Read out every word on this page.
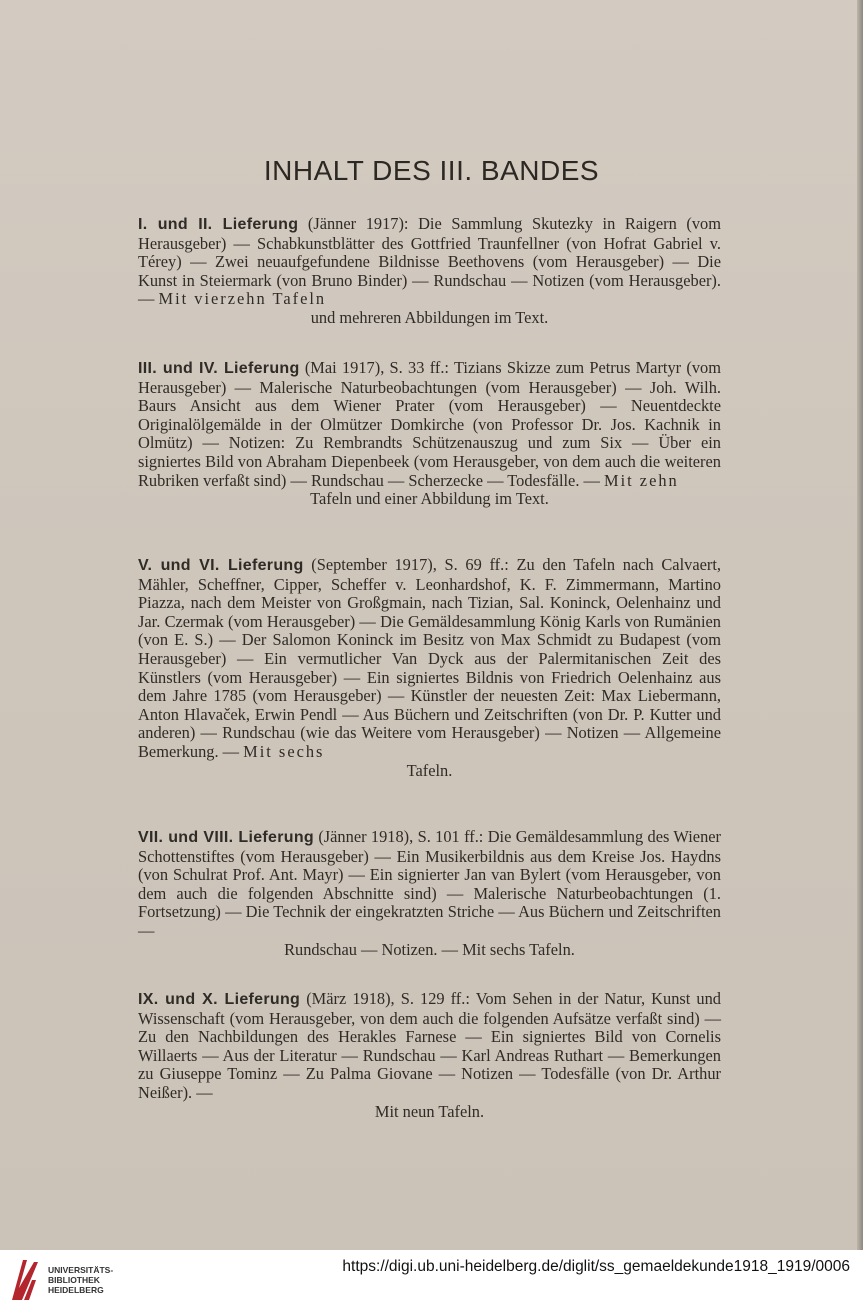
INHALT DES III. BANDES
I. und II. Lieferung (Jänner 1917): Die Sammlung Skutezky in Raigern (vom Herausgeber) — Schabkunstblätter des Gottfried Traunfellner (von Hofrat Gabriel v. Térey) — Zwei neuaufgefundene Bildnisse Beethovens (vom Herausgeber) — Die Kunst in Steiermark (von Bruno Binder) — Rundschau — Notizen (vom Herausgeber). — Mit vierzehn Tafeln
und mehreren Abbildungen im Text.
III. und IV. Lieferung (Mai 1917), S. 33 ff.: Tizians Skizze zum Petrus Martyr (vom Herausgeber) — Malerische Naturbeobachtungen (vom Herausgeber) — Joh. Wilh. Baurs Ansicht aus dem Wiener Prater (vom Herausgeber) — Neuentdeckte Originalölgemälde in der Olmützer Domkirche (von Professor Dr. Jos. Kachnik in Olmütz) — Notizen: Zu Rembrandts Schützenauszug und zum Six — Über ein signiertes Bild von Abraham Diepenbeek (vom Herausgeber, von dem auch die weiteren Rubriken verfaßt sind) — Rundschau — Scherzecke — Todesfälle. — Mit zehn
Tafeln und einer Abbildung im Text.
V. und VI. Lieferung (September 1917), S. 69 ff.: Zu den Tafeln nach Calvaert, Mähler, Scheffner, Cipper, Scheffer v. Leonhardshof, K. F. Zimmermann, Martino Piazza, nach dem Meister von Großgmain, nach Tizian, Sal. Koninck, Oelenhainz und Jar. Czermak (vom Herausgeber) — Die Gemäldesammlung König Karls von Rumänien (von E. S.) — Der Salomon Koninck im Besitz von Max Schmidt zu Budapest (vom Herausgeber) — Ein vermutlicher Van Dyck aus der Palermitanischen Zeit des Künstlers (vom Herausgeber) — Ein signiertes Bildnis von Friedrich Oelenhainz aus dem Jahre 1785 (vom Herausgeber) — Künstler der neuesten Zeit: Max Liebermann, Anton Hlavaček, Erwin Pendl — Aus Büchern und Zeitschriften (von Dr. P. Kutter und anderen) — Rundschau (wie das Weitere vom Herausgeber) — Notizen — Allgemeine Bemerkung. — Mit sechs
Tafeln.
VII. und VIII. Lieferung (Jänner 1918), S. 101 ff.: Die Gemäldesammlung des Wiener Schottenstiftes (vom Herausgeber) — Ein Musikerbildnis aus dem Kreise Jos. Haydns (von Schulrat Prof. Ant. Mayr) — Ein signierter Jan van Bylert (vom Herausgeber, von dem auch die folgenden Abschnitte sind) — Malerische Naturbeobachtungen (1. Fortsetzung) — Die Technik der eingekratzten Striche — Aus Büchern und Zeitschriften —
Rundschau — Notizen. — Mit sechs Tafeln.
IX. und X. Lieferung (März 1918), S. 129 ff.: Vom Sehen in der Natur, Kunst und Wissenschaft (vom Herausgeber, von dem auch die folgenden Aufsätze verfaßt sind) — Zu den Nachbildungen des Herakles Farnese — Ein signiertes Bild von Cornelis Willaerts — Aus der Literatur — Rundschau — Karl Andreas Ruthart — Bemerkungen zu Giuseppe Tominz — Zu Palma Giovane — Notizen — Todesfälle (von Dr. Arthur Neißer). —
Mit neun Tafeln.
UNIVERSITÄTS-
BIBLIOTHEK
HEIDELBERG
https://digi.ub.uni-heidelberg.de/diglit/ss_gemaeldekunde1918_1919/0006
